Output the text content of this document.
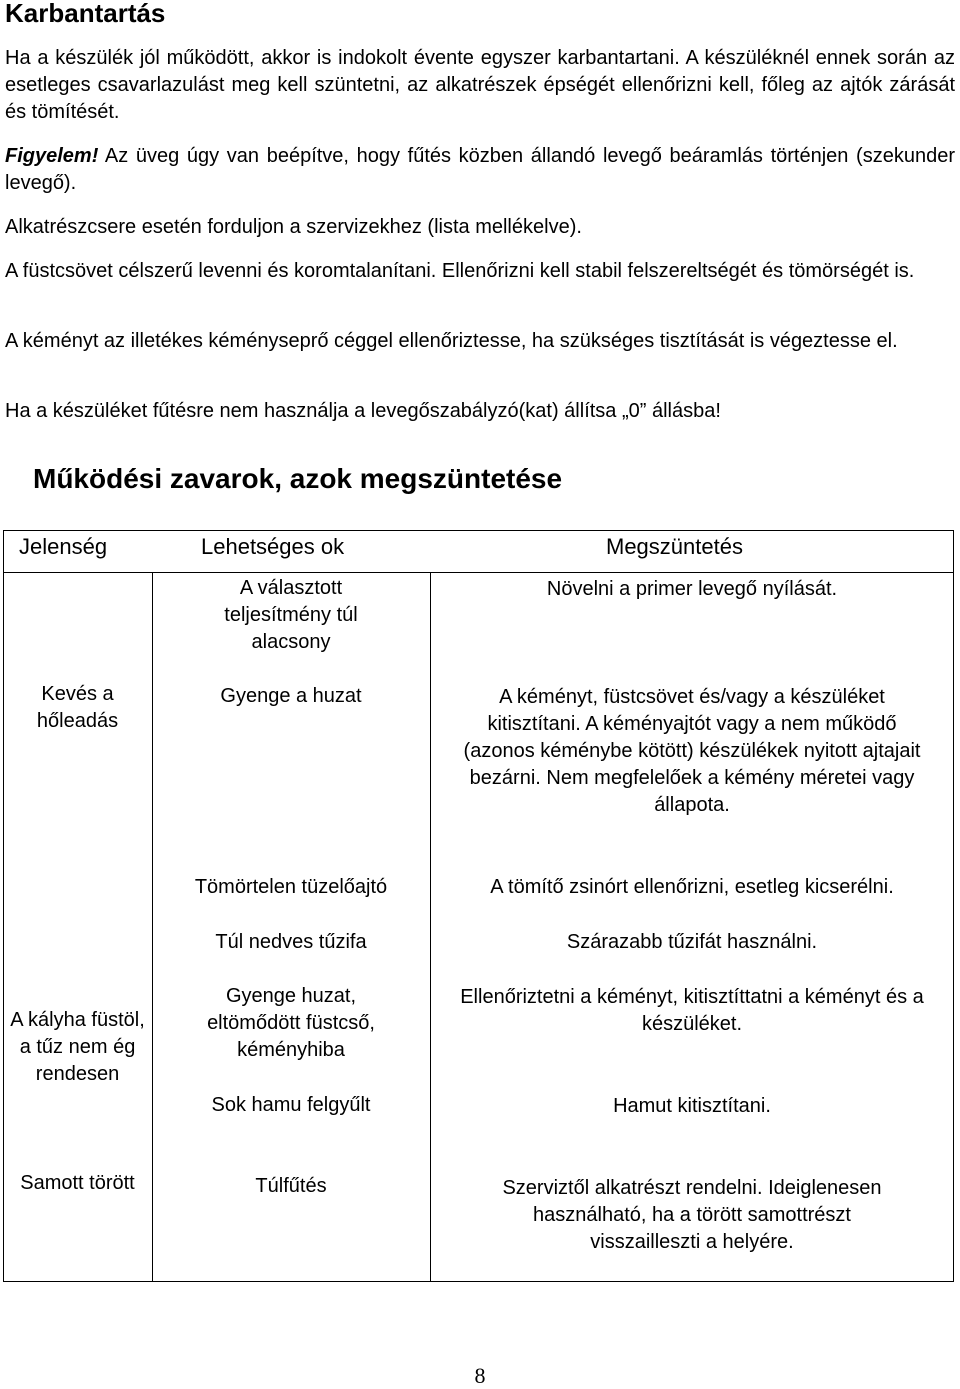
Karbantartás
Ha a készülék jól működött, akkor is indokolt évente egyszer karbantartani. A készüléknél ennek során az esetleges csavarlazulást meg kell szüntetni, az alkatrészek épségét ellenőrizni kell, főleg az ajtók zárását és tömítését.
Figyelem! Az üveg úgy van beépítve, hogy fűtés közben állandó levegő beáramlás történjen (szekunder levegő).
Alkatrészcsere esetén forduljon a szervizekhez (lista mellékelve).
A füstcsövet célszerű levenni és koromtalanítani. Ellenőrizni kell stabil felszereltségét és tömörségét is.
A kéményt az illetékes kéményseprő céggel ellenőriztesse, ha szükséges tisztítását is végeztesse el.
Ha a készüléket fűtésre nem használja a levegőszabályzó(kat) állítsa „0” állásba!
Működési zavarok, azok megszüntetése
Jelenség	Lehetséges ok	Megszüntetés
Kevés a hőleadás
A kályha füstöl, a tűz nem ég rendesen
Samott törött
A választott teljesítmény túl alacsony
Gyenge a huzat
Tömörtelen tüzelőajtó
Túl nedves tűzifa
Gyenge huzat, eltömődött füstcső, kéményhiba
Sok hamu felgyűlt
Túlfűtés
Növelni a primer levegő nyílását.
A kéményt, füstcsövet és/vagy a készüléket kitisztítani. A kéményajtót vagy a nem működő (azonos kéménybe kötött) készülékek nyitott ajtajait bezárni. Nem megfelelőek a kémény méretei vagy állapota.
A tömítő zsinórt ellenőrizni, esetleg kicserélni.
Szárazabb tűzifát használni.
Ellenőriztetni a kéményt, kitisztíttatni a kéményt és a készüléket.
Hamut kitisztítani.
Szerviztől alkatrészt rendelni. Ideiglenesen használható, ha a törött samottrészt visszailleszti a helyére.
8
